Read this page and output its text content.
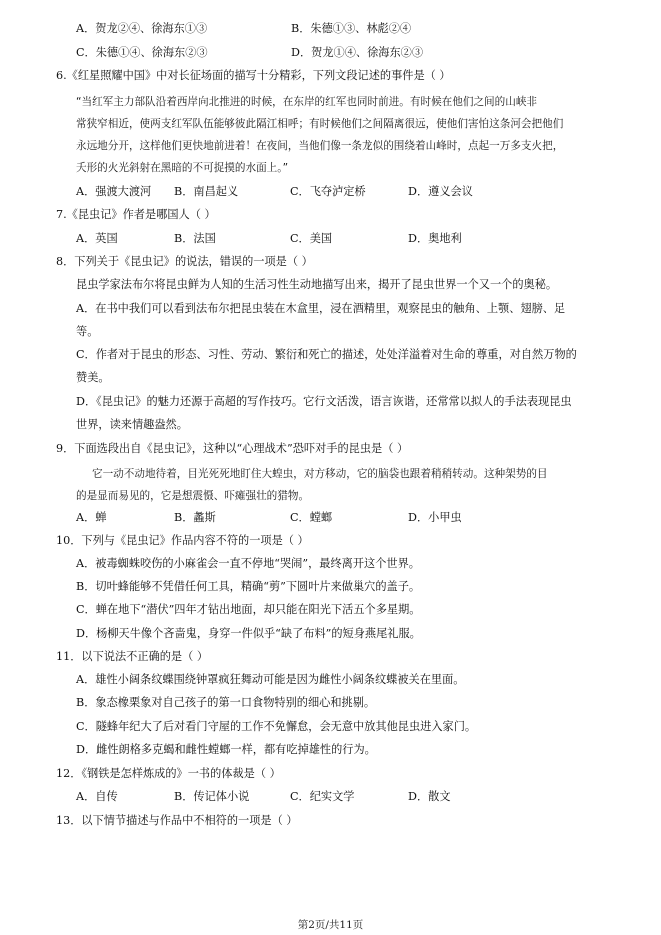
A．贺龙②④、徐海东①③	B．朱德①③、林彪②④
C．朱德①④、徐海东②③	D．贺龙①④、徐海东②③
6.《红星照耀中国》中对长征场面的描写十分精彩，下列文段记述的事件是（ ）
“当红军主力部队沿着西岸向北推进的时候，在东岸的红军也同时前进。有时候在他们之间的山峡非
常狭窄相近，使两支红军队伍能够彼此隔江相呼；有时候他们之间隔离很远，使他们害怕这条河会把他们
永远地分开，这样他们更快地前进着！在夜间，当他们像一条龙似的围绕着山峰时，点起一万多支火把，
夭形的火光斜射在黑暗的不可捉摸的水面上。”
A．强渡大渡河	B．南昌起义	C．飞夺泸定桥	D．遵义会议
7.《昆虫记》作者是哪国人（ ）
A．英国	B．法国	C．美国	D．奥地利
8．下列关于《昆虫记》的说法，错误的一项是（ ）
昆虫学家法布尔将昆虫鲜为人知的生活习性生动地描写出来，揭开了昆虫世界一个又一个的奥秘。
A．在书中我们可以看到法布尔把昆虫装在木盒里，浸在酒精里，观察昆虫的触角、上颚、翅膀、足
等。
C．作者对于昆虫的形态、习性、劳动、繁衍和死亡的描述，处处洋溢着对生命的尊重，对自然万物的
赞美。
D．《昆虫记》的魅力还源于高超的写作技巧。它行文活泼，语言诙谐，还常常以拟人的手法表现昆虫
世界，读来情趣盎然。
9．下面选段出自《昆虫记》，这种以“心理战术”恐吓对手的昆虫是（ ）
它一动不动地待着，目光死死地盯住大蝗虫，对方移动，它的脑袋也跟着稍稍转动。这种架势的目
的是显而易见的，它是想震慑、吓瘫强壮的猎物。
A．蝉	B．蠡斯	C．螳螂	D．小甲虫
10．下列与《昆虫记》作品内容不符的一项是（ ）
A．被毒蜘蛛咬伤的小麻雀会一直不停地“哭闹”，最终离开这个世界。
B．切叶蜂能够不凭借任何工具，精确“剪”下圆叶片来做巢穴的盖子。
C．蝉在地下“潜伏”四年才钻出地面，却只能在阳光下活五个多星期。
D．杨柳天牛像个吝啬鬼，身穿一件似乎“缺了布料”的短身燕尾礼服。
11．以下说法不正确的是（ ）
A．雄性小阔条纹蝶围绕钟罩疯狂舞动可能是因为雌性小阔条纹蝶被关在里面。
B．象态橡栗象对自己孩子的第一口食物特别的细心和挑剔。
C．隧蜂年纪大了后对看门守屋的工作不免懈怠，会无意中放其他昆虫进入家门。
D．雌性朗格多克蝎和雌性螳螂一样，都有吃掉雄性的行为。
12．《钢铁是怎样炼成的》一书的体裁是（ ）
A．自传	B．传记体小说	C．纪实文学	D．散文
13．以下情节描述与作品中不相符的一项是（ ）
第2页/共11页
